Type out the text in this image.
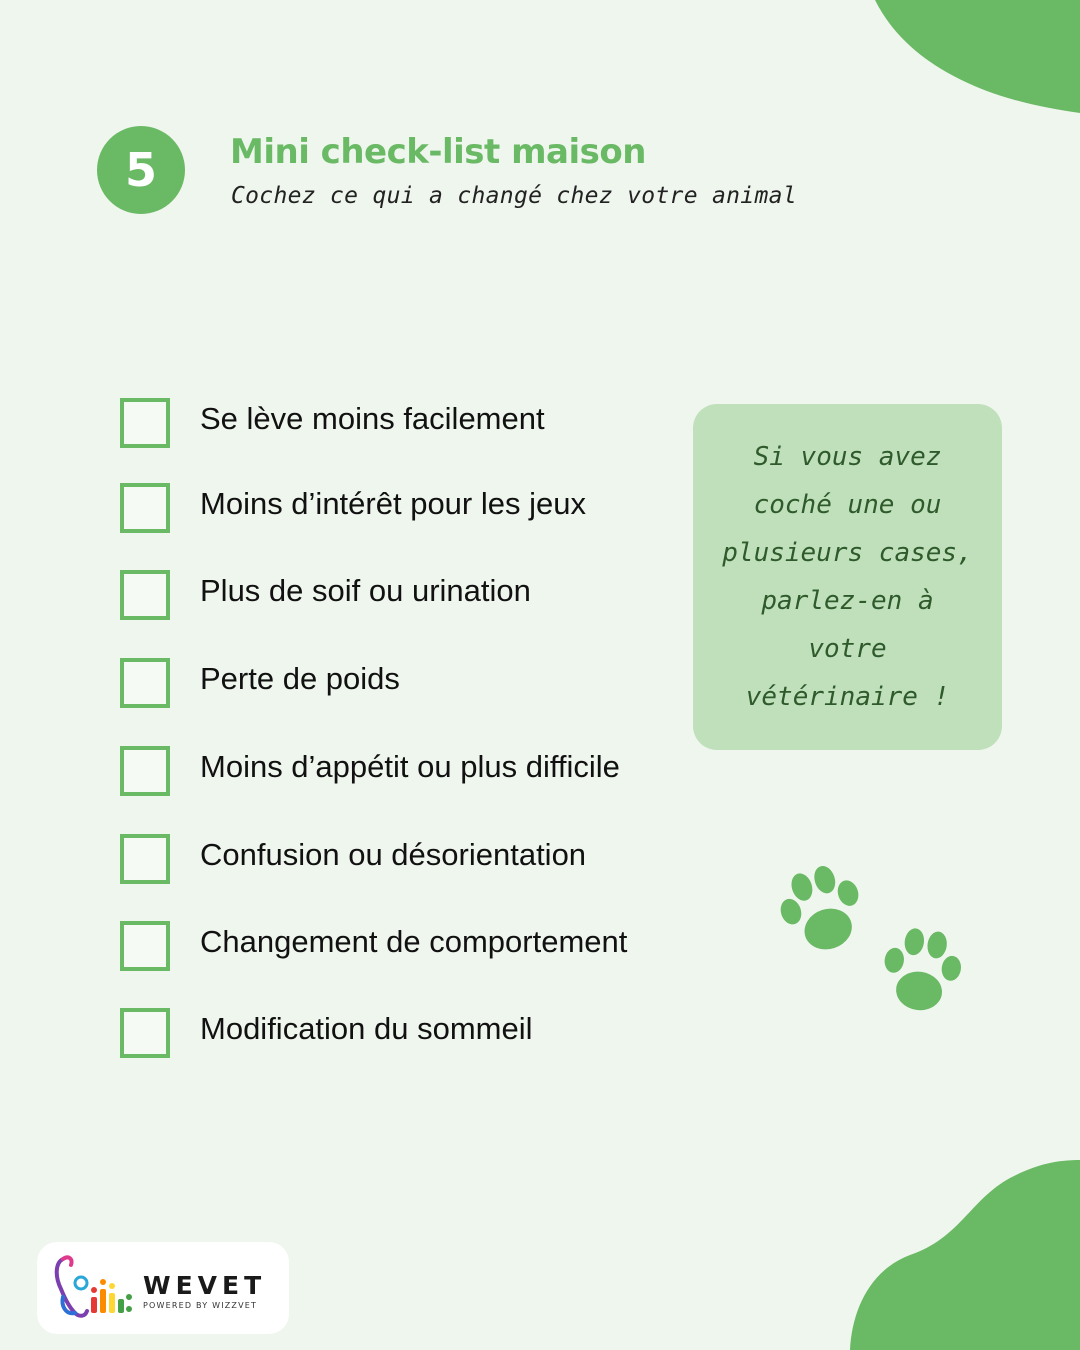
5 Mini check-list maison

Cochez ce qui a changé chez votre animal

Se lève moins facilement
Moins d’intérêt pour les jeux
Plus de soif ou urination
Perte de poids
Moins d’appétit ou plus difficile
Confusion ou désorientation
Changement de comportement
Modification du sommeil
Si vous avez
coché une ou
plusieurs cases,
parlez-en à
votre
vétérinaire !
WEVET
POWERED BY WIZZVET
